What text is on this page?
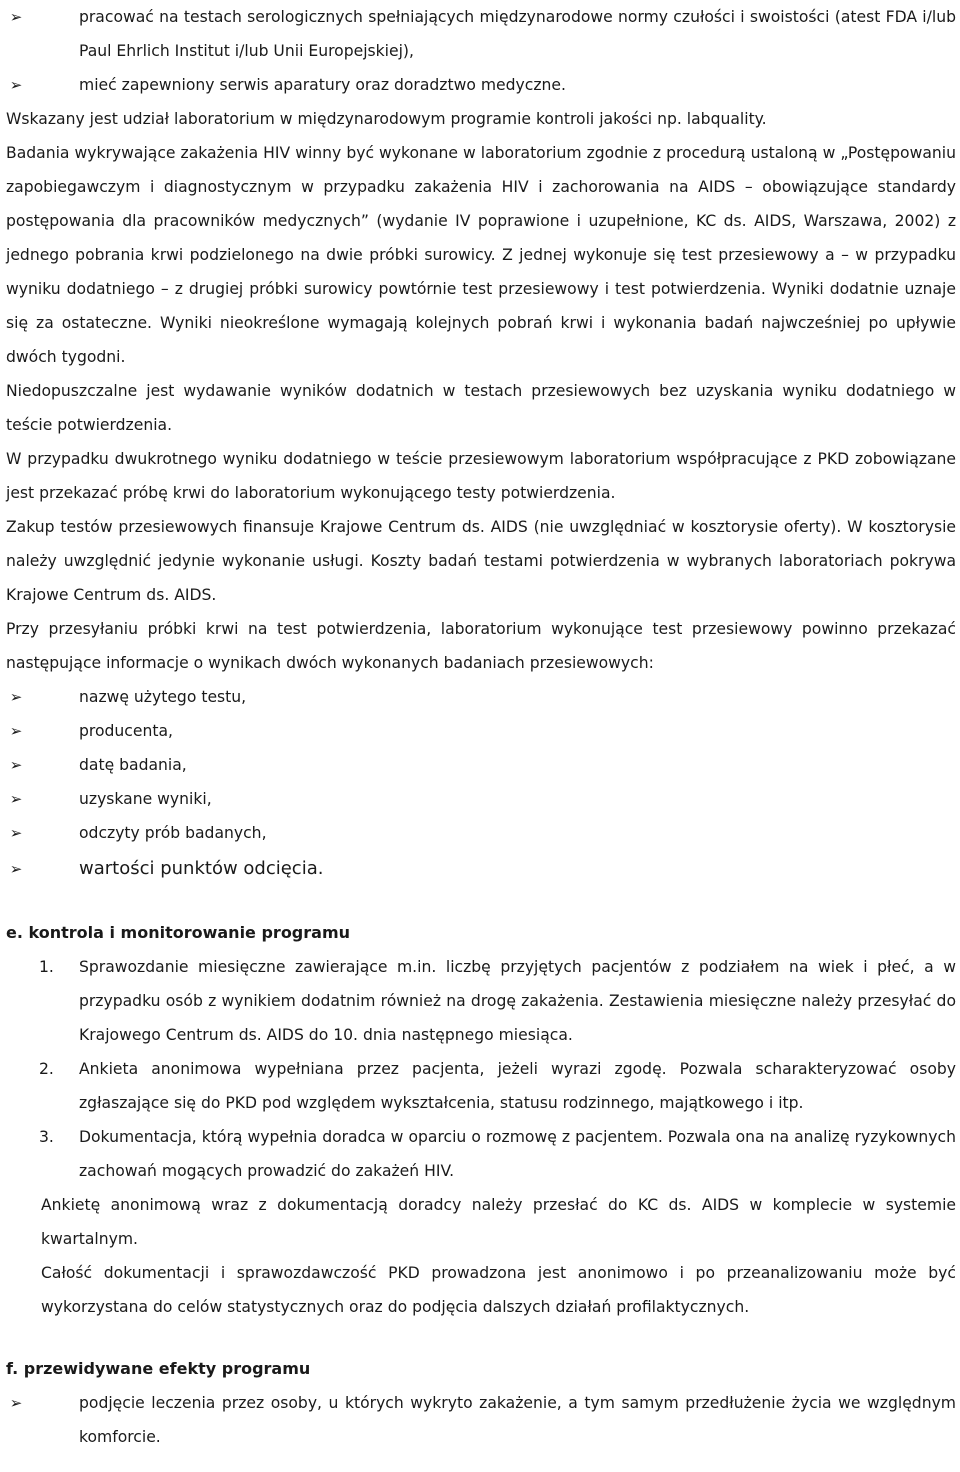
➢	pracować na testach serologicznych spełniających międzynarodowe normy czułości i swoistości (atest FDA i/lub Paul Ehrlich Institut i/lub Unii Europejskiej),
➢	mieć zapewniony serwis aparatury oraz doradztwo medyczne.

Wskazany jest udział laboratorium w międzynarodowym programie kontroli jakości np. labquality.

Badania wykrywające zakażenia HIV winny być wykonane w laboratorium zgodnie z procedurą ustaloną w „Postępowaniu zapobiegawczym i diagnostycznym w przypadku zakażenia HIV i zachorowania na AIDS – obowiązujące standardy postępowania dla pracowników medycznych” (wydanie IV poprawione i uzupełnione, KC ds. AIDS, Warszawa, 2002) z jednego pobrania krwi podzielonego na dwie próbki surowicy. Z jednej wykonuje się test przesiewowy a – w przypadku wyniku dodatniego – z drugiej próbki surowicy powtórnie test przesiewowy i test potwierdzenia. Wyniki dodatnie uznaje się za ostateczne. Wyniki nieokreślone wymagają kolejnych pobrań krwi i wykonania badań najwcześniej po upływie dwóch tygodni.

Niedopuszczalne jest wydawanie wyników dodatnich w testach przesiewowych bez uzyskania wyniku dodatniego w teście potwierdzenia.

W przypadku dwukrotnego wyniku dodatniego w teście przesiewowym laboratorium współpracujące z PKD zobowiązane jest przekazać próbę krwi do laboratorium wykonującego testy potwierdzenia.

Zakup testów przesiewowych finansuje Krajowe Centrum ds. AIDS (nie uwzględniać w kosztorysie oferty). W kosztorysie należy uwzględnić jedynie wykonanie usługi. Koszty badań testami potwierdzenia w wybranych laboratoriach pokrywa Krajowe Centrum ds. AIDS.

Przy przesyłaniu próbki krwi na test potwierdzenia, laboratorium wykonujące test przesiewowy powinno przekazać następujące informacje o wynikach dwóch wykonanych badaniach przesiewowych:

➢	nazwę użytego testu,
➢	producenta,
➢	datę badania,
➢	uzyskane wyniki,
➢	odczyty prób badanych,
➢	wartości punktów odcięcia.
e. kontrola i monitorowanie programu
1. Sprawozdanie miesięczne zawierające m.in. liczbę przyjętych pacjentów z podziałem na wiek i płeć, a w przypadku osób z wynikiem dodatnim również na drogę zakażenia. Zestawienia miesięczne należy przesyłać do Krajowego Centrum ds. AIDS do 10. dnia następnego miesiąca.
2. Ankieta anonimowa wypełniana przez pacjenta, jeżeli wyrazi zgodę. Pozwala scharakteryzować osoby zgłaszające się do PKD pod względem wykształcenia, statusu rodzinnego, majątkowego i itp.
3. Dokumentacja, którą wypełnia doradca w oparciu o rozmowę z pacjentem. Pozwala ona na analizę ryzykownych zachowań mogących prowadzić do zakażeń HIV.

Ankietę anonimową wraz z dokumentacją doradcy należy przesłać do KC ds. AIDS w komplecie w systemie kwartalnym.

Całość dokumentacji i sprawozdawczość PKD prowadzona jest anonimowo i po przeanalizowaniu może być wykorzystana do celów statystycznych oraz do podjęcia dalszych działań profilaktycznych.

f. przewidywane efekty programu
➢	podjęcie leczenia przez osoby, u których wykryto zakażenie, a tym samym przedłużenie życia we względnym komforcie.
